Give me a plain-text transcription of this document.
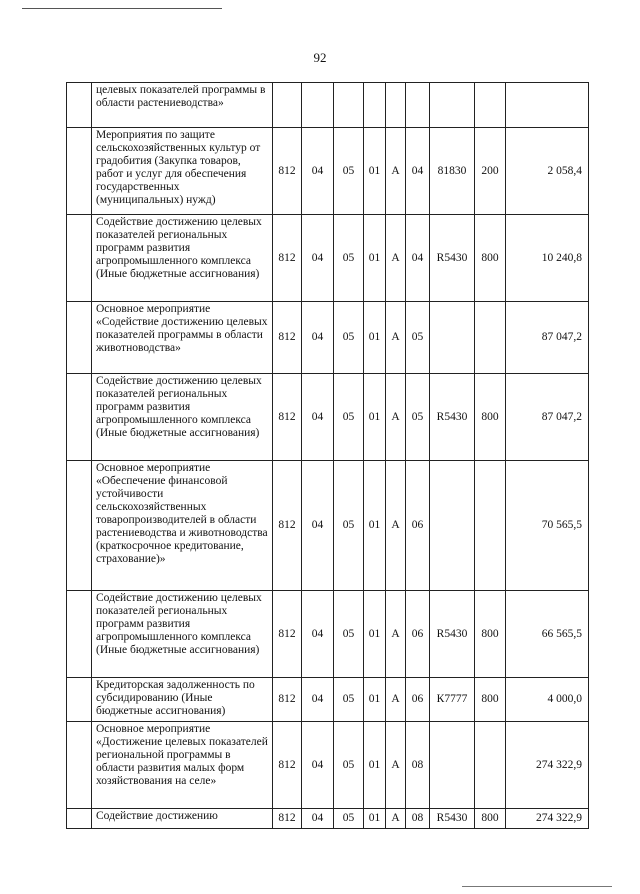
92
	целевых показателей программы в области растениеводства»									
	Мероприятия по защите сельскохозяйственных культур от градобития (Закупка товаров, работ и услуг для обеспечения государственных (муниципальных) нужд)	812	04	05	01	А	04	81830	200	2 058,4
	Содействие достижению целевых показателей региональных программ развития агропромышленного комплекса (Иные бюджетные ассигнования)	812	04	05	01	А	04	R5430	800	10 240,8
	Основное мероприятие «Содействие достижению целевых показателей программы в области животноводства»	812	04	05	01	А	05			87 047,2
	Содействие достижению целевых показателей региональных программ развития агропромышленного комплекса (Иные бюджетные ассигнования)	812	04	05	01	А	05	R5430	800	87 047,2
	Основное мероприятие «Обеспечение финансовой устойчивости сельскохозяйственных товаропроизводителей в области растениеводства и животноводства (краткосрочное кредитование, страхование)»	812	04	05	01	А	06			70 565,5
	Содействие достижению целевых показателей региональных программ развития агропромышленного комплекса (Иные бюджетные ассигнования)	812	04	05	01	А	06	R5430	800	66 565,5
	Кредиторская задолженность по субсидированию (Иные бюджетные ассигнования)	812	04	05	01	А	06	К7777	800	4 000,0
	Основное мероприятие «Достижение целевых показателей региональной программы в области развития малых форм хозяйствования на селе»	812	04	05	01	А	08			274 322,9
	Содействие достижению	812	04	05	01	А	08	R5430	800	274 322,9
